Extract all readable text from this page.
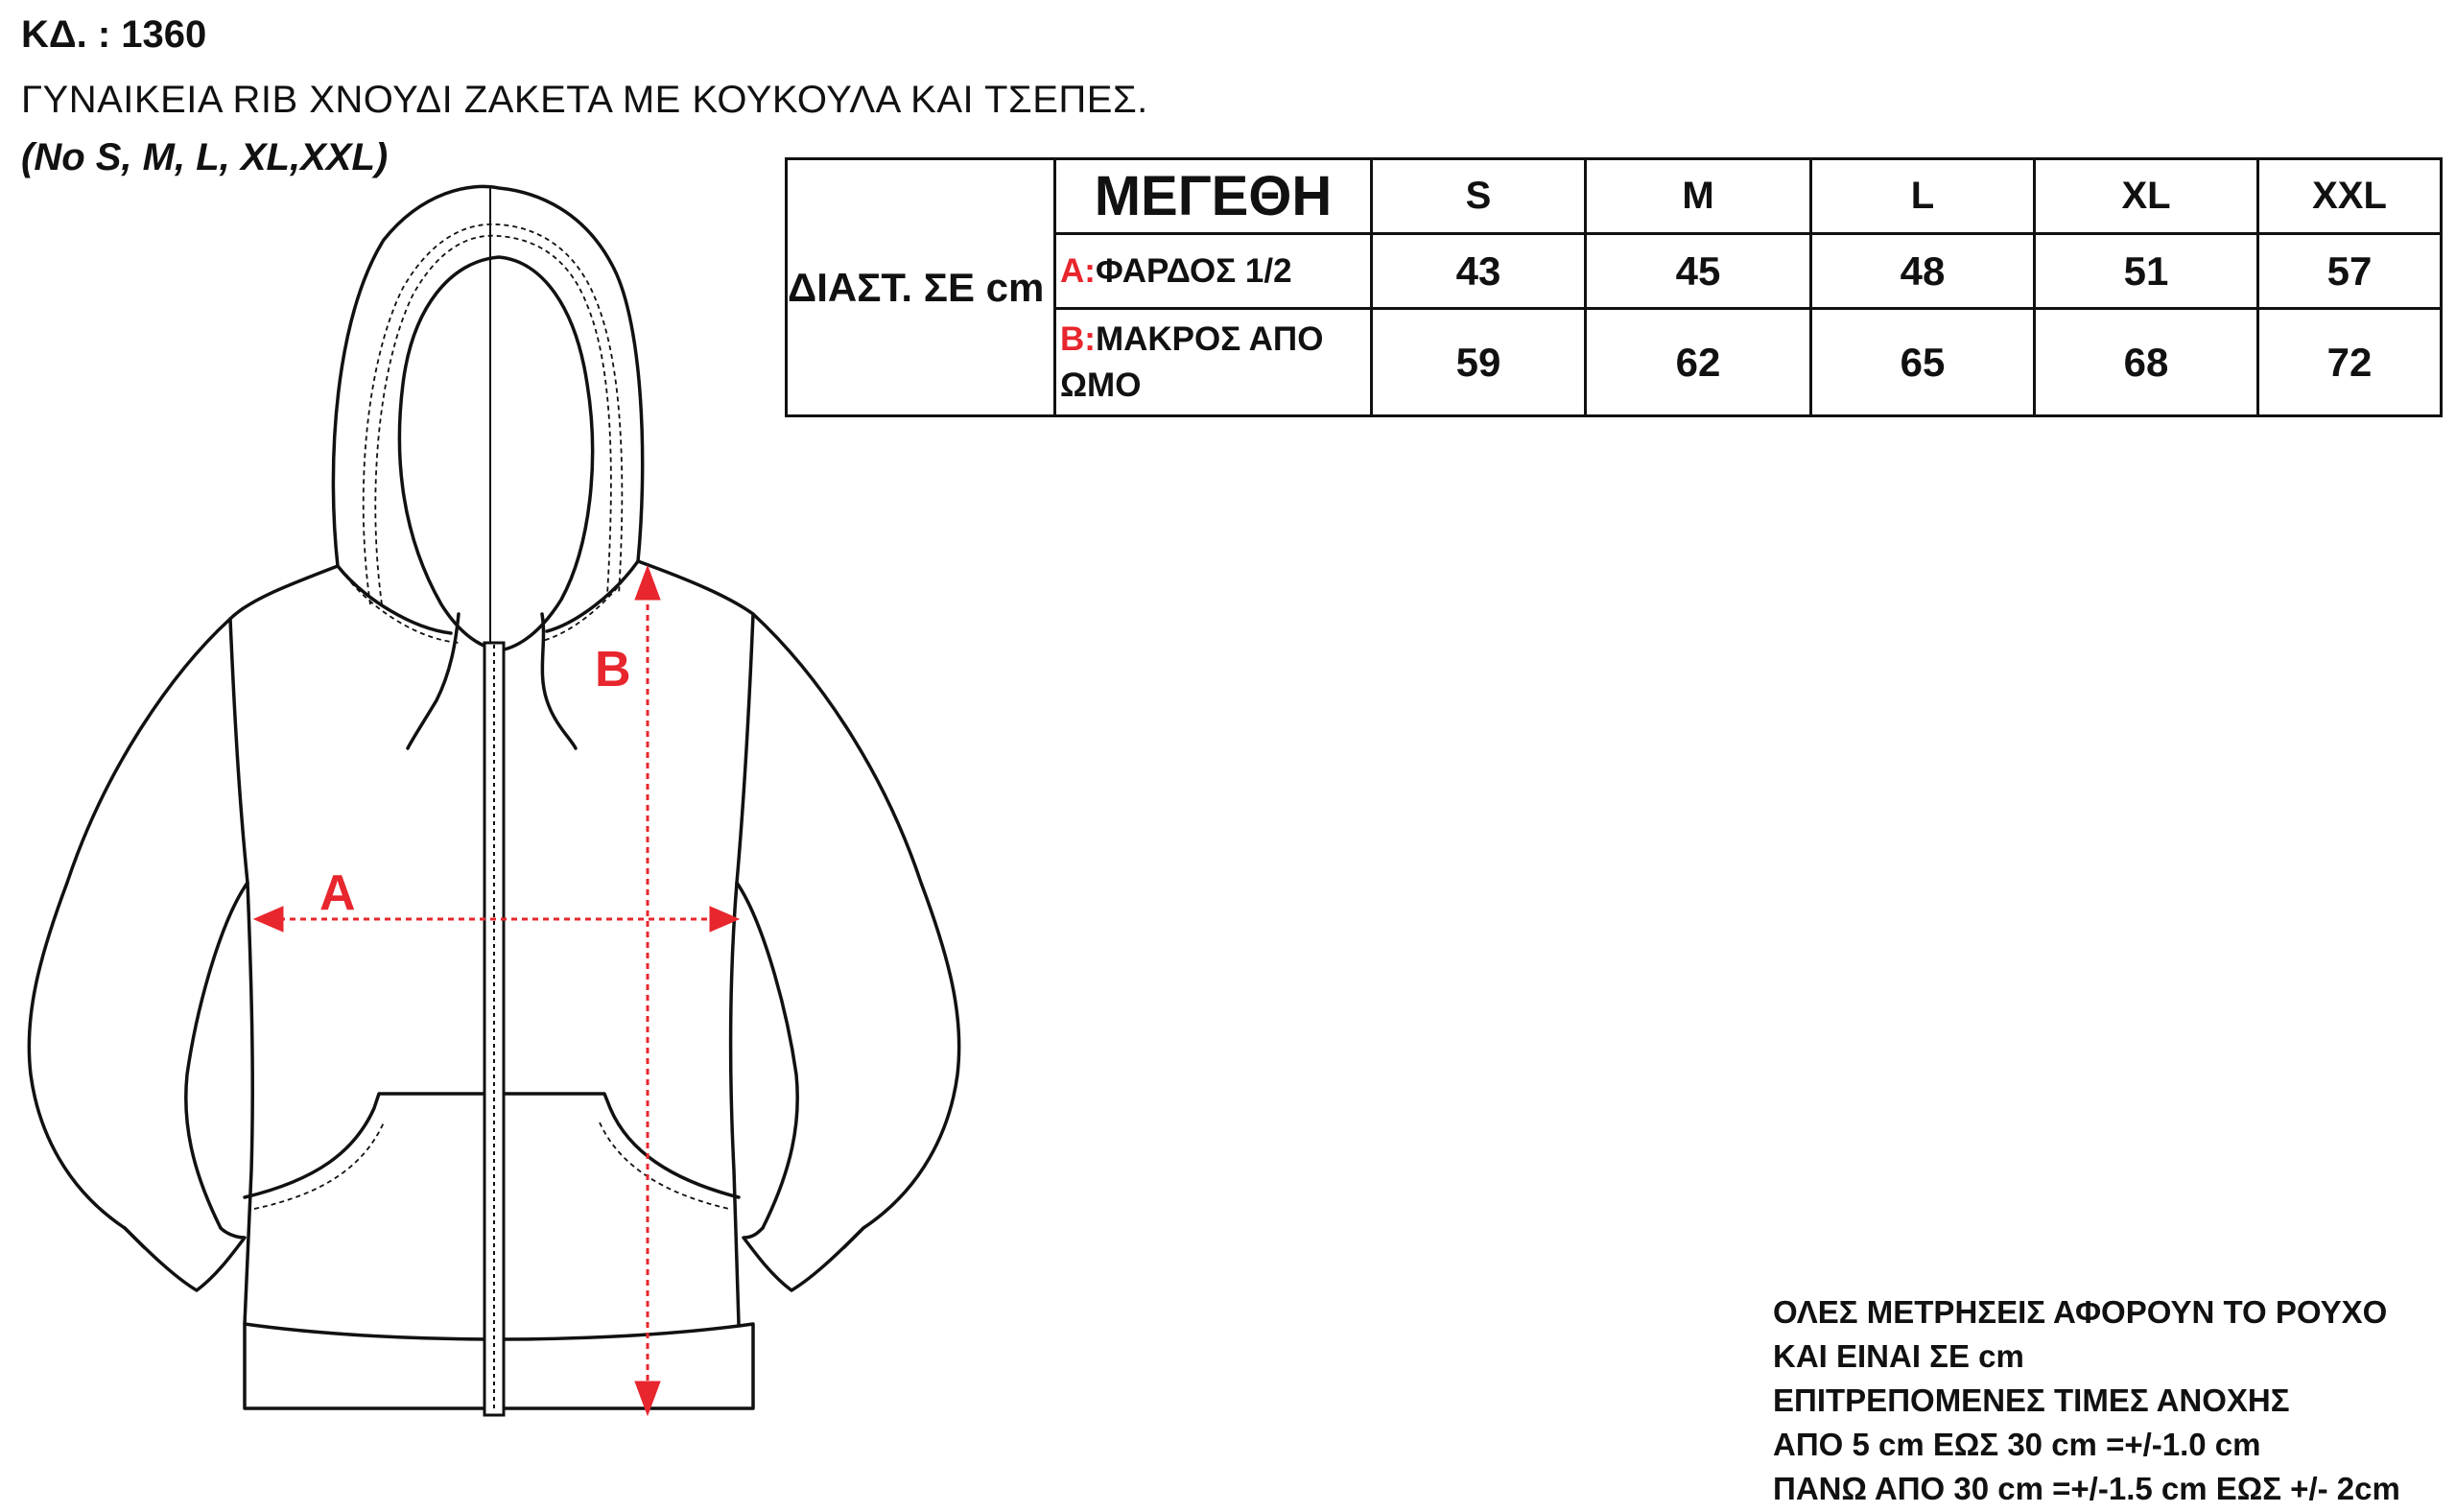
ΚΔ. : 1360
ΓΥΝΑΙΚΕΙΑ RIB ΧΝΟΥΔΙ ΖΑΚΕΤΑ ΜΕ ΚΟΥΚΟΥΛΑ ΚΑΙ ΤΣΕΠΕΣ.
(No S, M, L, XL,XXL)
ΔΙΑΣΤ. ΣΕ cm	ΜΕΓΕΘΗ	S	M	L	XL	XXL
	A:ΦΑΡΔΟΣ 1/2	43	45	48	51	57
	B:ΜΑΚΡΟΣ ΑΠΟ ΩΜΟ	59	62	65	68	72
A
B
ΟΛΕΣ ΜΕΤΡΗΣΕΙΣ ΑΦΟΡΟΥΝ ΤΟ ΡΟΥΧΟ
ΚΑΙ ΕΙΝΑΙ ΣΕ cm
ΕΠΙΤΡΕΠΟΜΕΝΕΣ ΤΙΜΕΣ ΑΝΟΧΗΣ
ΑΠΟ 5 cm ΕΩΣ 30 cm =+/-1.0 cm
ΠΑΝΩ ΑΠΟ 30 cm =+/-1.5 cm ΕΩΣ +/- 2cm
